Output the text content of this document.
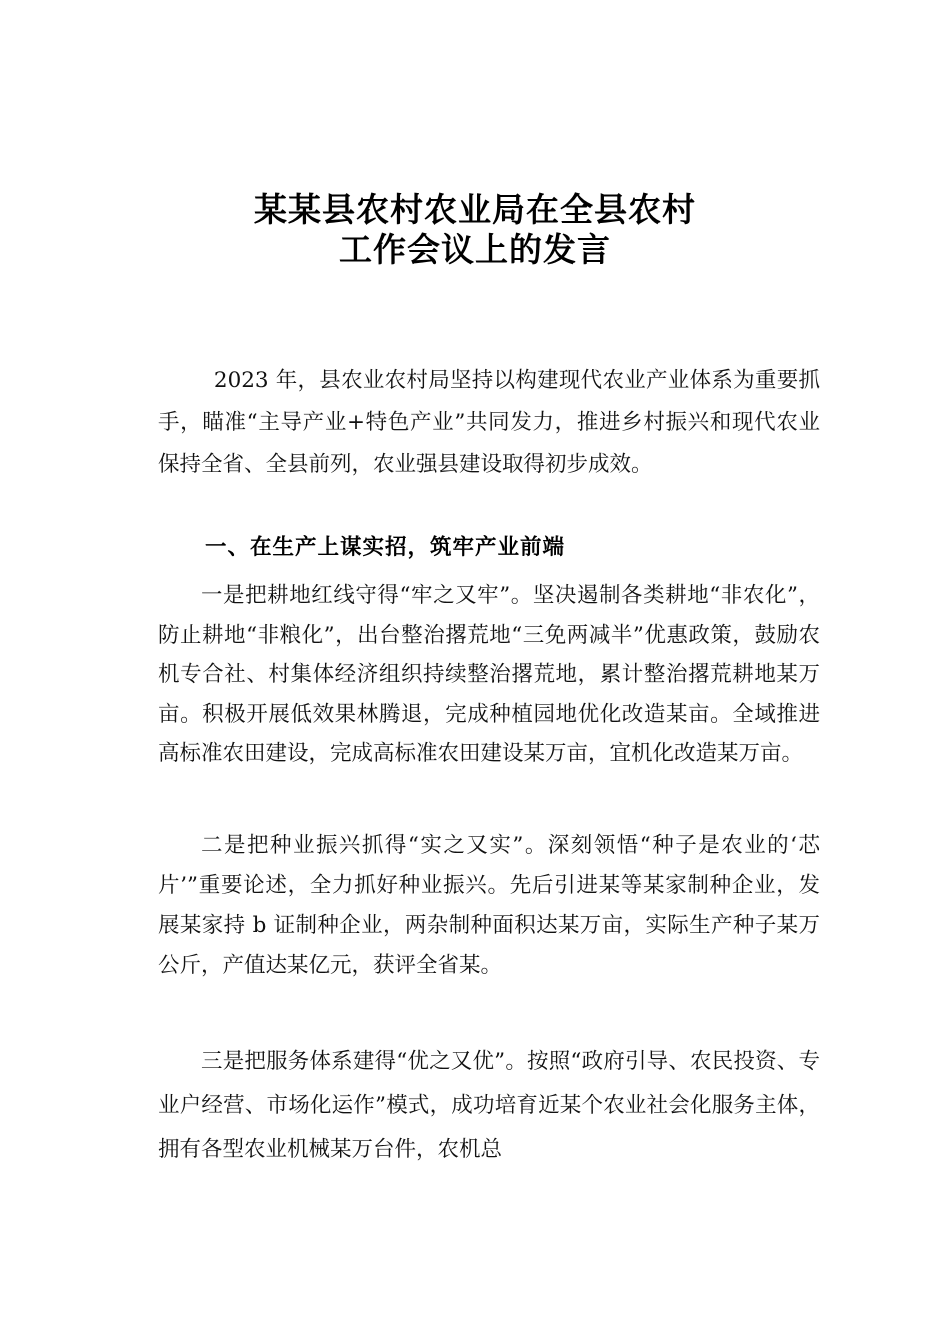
某某县农村农业局在全县农村
工作会议上的发言

2023 年，县农业农村局坚持以构建现代农业产业体系为重要抓手，瞄准“主导产业+特色产业”共同发力，推进乡村振兴和现代农业保持全省、全县前列，农业强县建设取得初步成效。

一、在生产上谋实招，筑牢产业前端

一是把耕地红线守得“牢之又牢”。坚决遏制各类耕地“非农化”，防止耕地“非粮化”，出台整治撂荒地“三免两减半”优惠政策，鼓励农机专合社、村集体经济组织持续整治撂荒地，累计整治撂荒耕地某万亩。积极开展低效果林腾退，完成种植园地优化改造某亩。全域推进高标准农田建设，完成高标准农田建设某万亩，宜机化改造某万亩。

二是把种业振兴抓得“实之又实”。深刻领悟“种子是农业的‘芯片’”重要论述，全力抓好种业振兴。先后引进某等某家制种企业，发展某家持 b 证制种企业，两杂制种面积达某万亩，实际生产种子某万公斤，产值达某亿元，获评全省某。

三是把服务体系建得“优之又优”。按照“政府引导、农民投资、专业户经营、市场化运作”模式，成功培育近某个农业社会化服务主体，拥有各型农业机械某万台件，农机总
